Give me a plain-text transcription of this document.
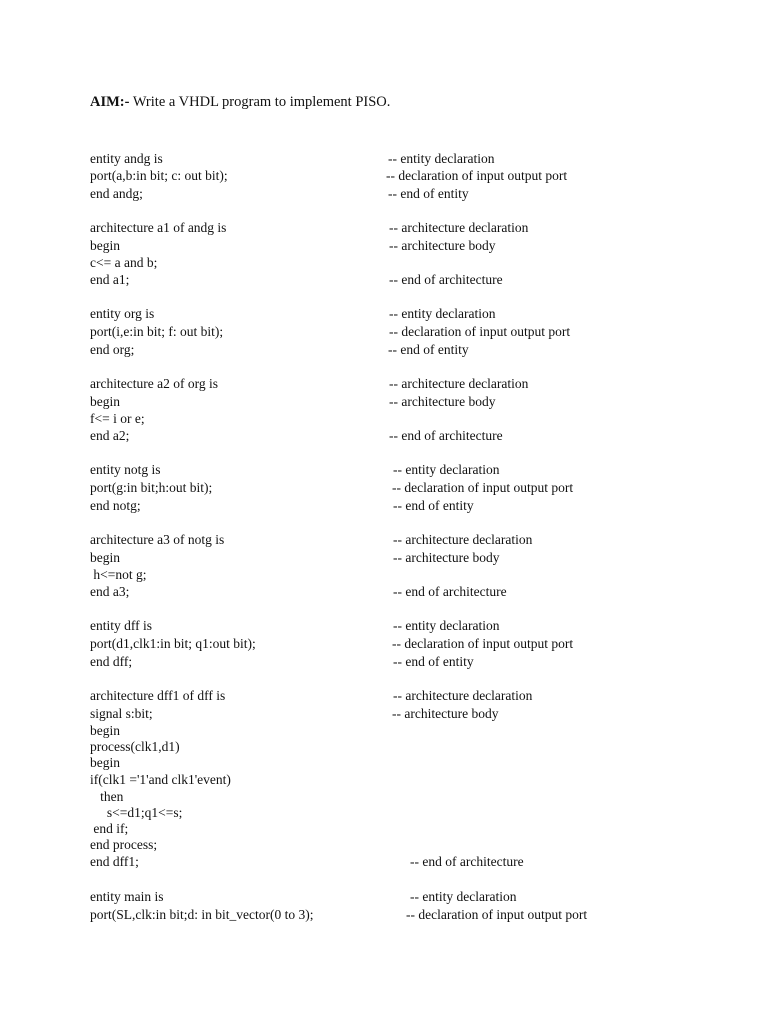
AIM:- Write a VHDL program to implement PISO.
entity andg is	-- entity declaration
port(a,b:in bit; c: out bit);	-- declaration of input output port
end andg;	-- end of entity
architecture a1 of andg is	-- architecture declaration
begin	-- architecture body
c<= a and b;
end a1;	-- end of architecture
entity org is	-- entity declaration
port(i,e:in bit; f: out bit);	-- declaration of input output port
end org;	-- end of entity
architecture a2 of org is	-- architecture declaration
begin	-- architecture body
f<= i or e;
end a2;	-- end of architecture
entity notg is	-- entity declaration
port(g:in bit;h:out bit);	-- declaration of input output port
end notg;	-- end of entity
architecture a3 of notg is	-- architecture declaration
begin	-- architecture body
h<=not g;
end a3;	-- end of architecture
entity dff is	-- entity declaration
port(d1,clk1:in bit; q1:out bit);	-- declaration of input output port
end dff;	-- end of entity
architecture dff1 of dff is	-- architecture declaration
signal s:bit;	-- architecture body
begin
process(clk1,d1)
begin
if(clk1 ='1'and clk1'event)
then
s<=d1;q1<=s;
end if;
end process;
end dff1;	-- end of architecture
entity main is	-- entity declaration
port(SL,clk:in bit;d: in bit_vector(0 to 3);	-- declaration of input output port
